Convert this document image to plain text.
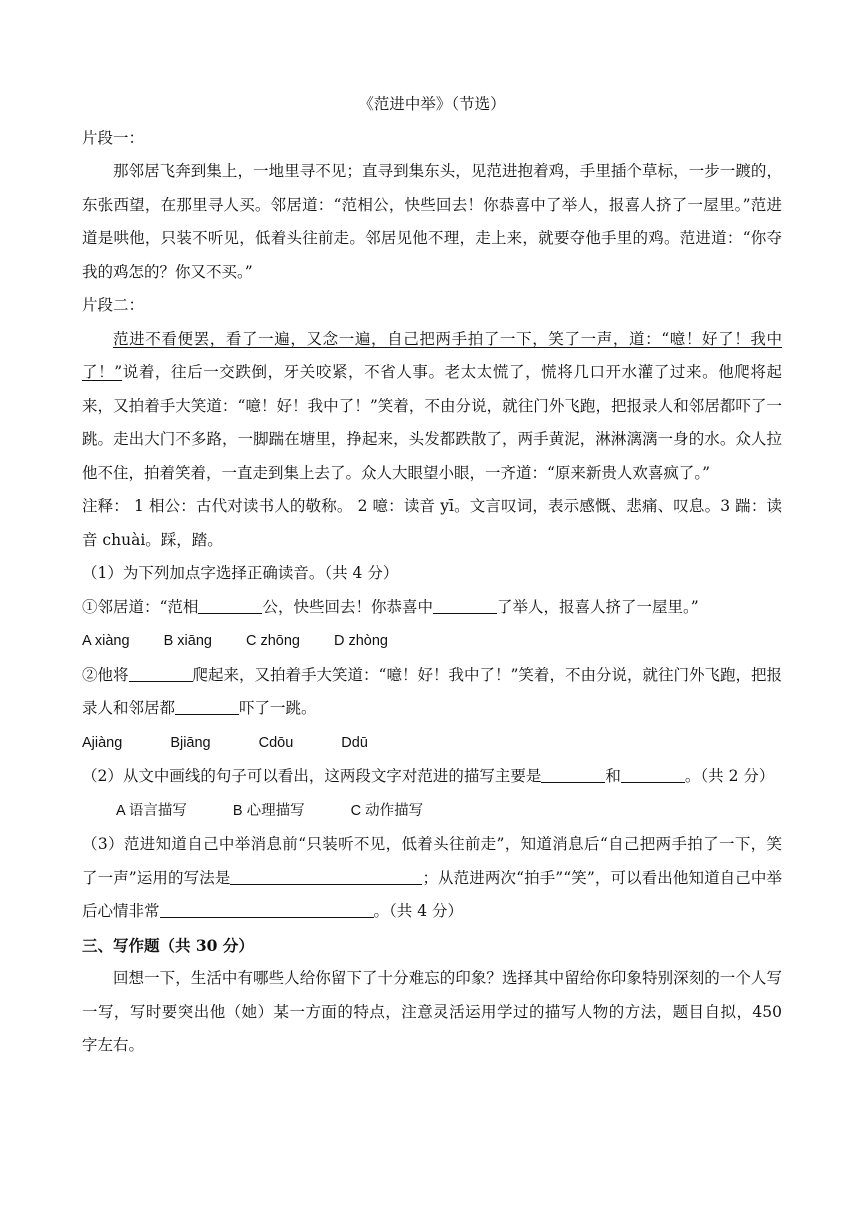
《范进中举》（节选）

片段一：

那邻居飞奔到集上，一地里寻不见；直寻到集东头，见范进抱着鸡，手里插个草标，一步一踱的，东张西望，在那里寻人买。邻居道：“范相公，快些回去！你恭喜中了举人，报喜人挤了一屋里。”范进道是哄他，只装不听见，低着头往前走。邻居见他不理，走上来，就要夺他手里的鸡。范进道：“你夺我的鸡怎的？你又不买。”

片段二：

范进不看便罢，看了一遍，又念一遍，自己把两手拍了一下，笑了一声，道：“噫！好了！我中了！”说着，往后一交跌倒，牙关咬紧，不省人事。老太太慌了，慌将几口开水灌了过来。他爬将起来，又拍着手大笑道：“噫！好！我中了！”笑着，不由分说，就往门外飞跑，把报录人和邻居都吓了一跳。走出大门不多路，一脚踹在塘里，挣起来，头发都跌散了，两手黄泥，淋淋漓漓一身的水。众人拉他不住，拍着笑着，一直走到集上去了。众人大眼望小眼，一齐道：“原来新贵人欢喜疯了。”

注释： 1 相公：古代对读书人的敬称。 2 噫：读音 yī。文言叹词，表示感慨、悲痛、叹息。3 踹：读音 chuài。踩，踏。

（1）为下列加点字选择正确读音。（共 4 分）

①邻居道：“范相	公，快些回去！你恭喜中	了举人，报喜人挤了一屋里。”

A xiàng B xiāng C zhōng D zhòng

②他将	爬起来，又拍着手大笑道：“噫！好！我中了！”笑着，不由分说，就往门外飞跑，把报录人和邻居都	吓了一跳。

Ajiàng	Bjiāng	Cdōu	Ddū

（2）从文中画线的句子可以看出，这两段文字对范进的描写主要是	和	。（共 2 分）

A 语言描写	B 心理描写	C 动作描写

（3）范进知道自己中举消息前“只装听不见，低着头往前走”，知道消息后“自己把两手拍了一下，笑了一声”运用的写法是	；从范进两次“拍手”“笑”，可以看出他知道自己中举后心情非常	。（共 4 分）

三、写作题（共 30 分）

回想一下，生活中有哪些人给你留下了十分难忘的印象？选择其中留给你印象特别深刻的一个人写一写，写时要突出他（她）某一方面的特点，注意灵活运用学过的描写人物的方法，题目自拟，450 字左右。
